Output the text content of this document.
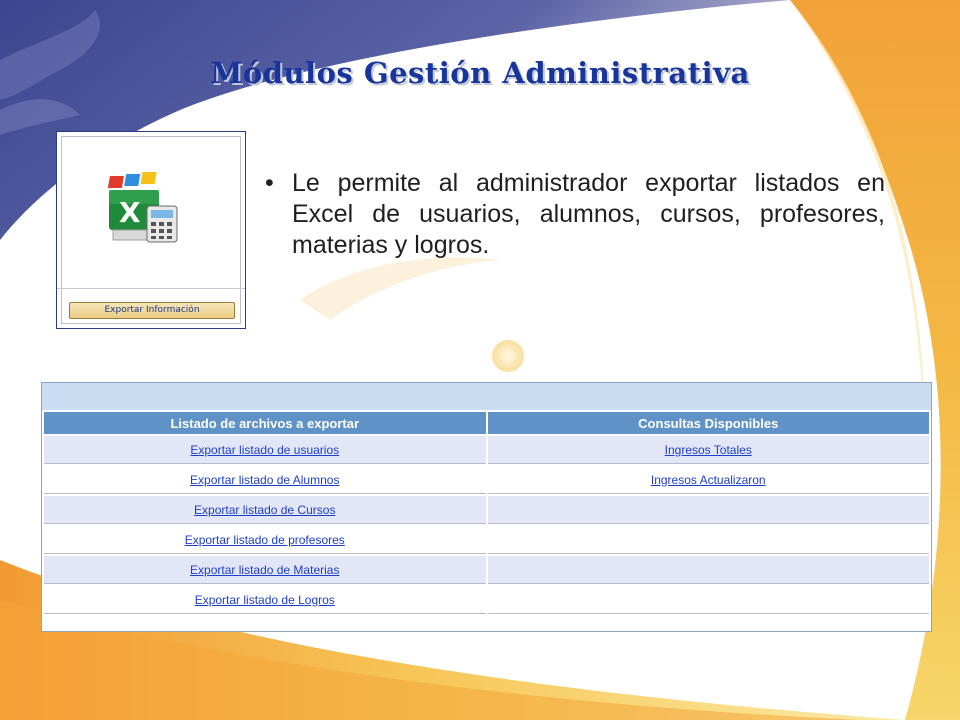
Módulos Gestión Administrativa
X
Exportar Información
• Le permite al administrador exportar listados en Excel de usuarios, alumnos, cursos, profesores, materias y logros.
Listado de archivos a exportar	Consultas Disponibles
Exportar listado de usuarios	Ingresos Totales
Exportar listado de Alumnos	Ingresos Actualizaron
Exportar listado de Cursos	
Exportar listado de profesores	
Exportar listado de Materias	
Exportar listado de Logros	
